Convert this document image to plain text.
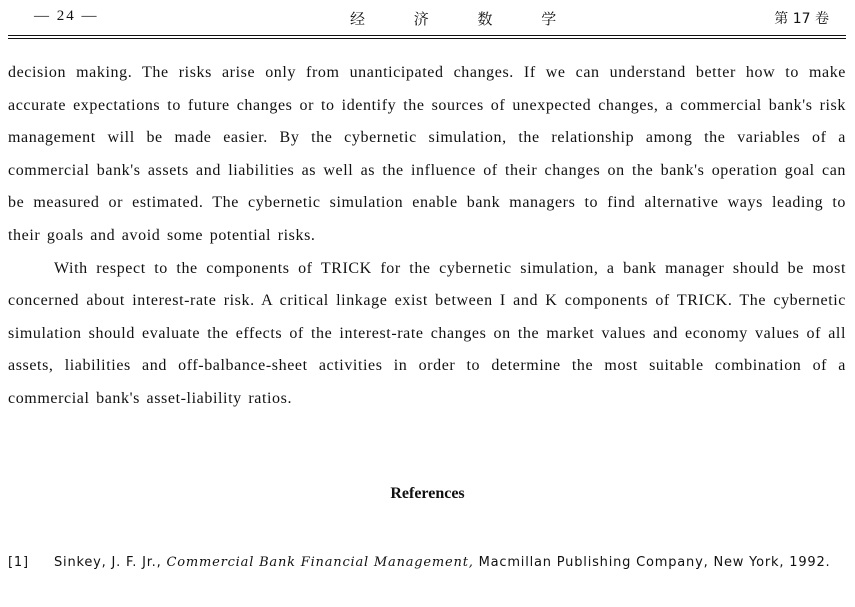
— 24 —	经 济 数 学	第 17 卷

decision making. The risks arise only from unanticipated changes. If we can understand better how to make accurate expectations to future changes or to identify the sources of unexpected changes, a commercial bank's risk management will be made easier. By the cybernetic simulation, the relationship among the variables of a commercial bank's assets and liabilities as well as the influence of their changes on the bank's operation goal can be measured or estimated. The cybernetic simulation enable bank managers to find alternative ways leading to their goals and avoid some potential risks.

With respect to the components of TRICK for the cybernetic simulation, a bank manager should be most concerned about interest-rate risk. A critical linkage exist between I and K components of TRICK. The cybernetic simulation should evaluate the effects of the interest-rate changes on the market values and economy values of all assets, liabilities and off-balbance-sheet activities in order to determine the most suitable combination of a commercial bank's asset-liability ratios.

References
[1] Sinkey, J. F. Jr., Commercial Bank Financial Management, Macmillan Publishing Company, New York, 1992.
